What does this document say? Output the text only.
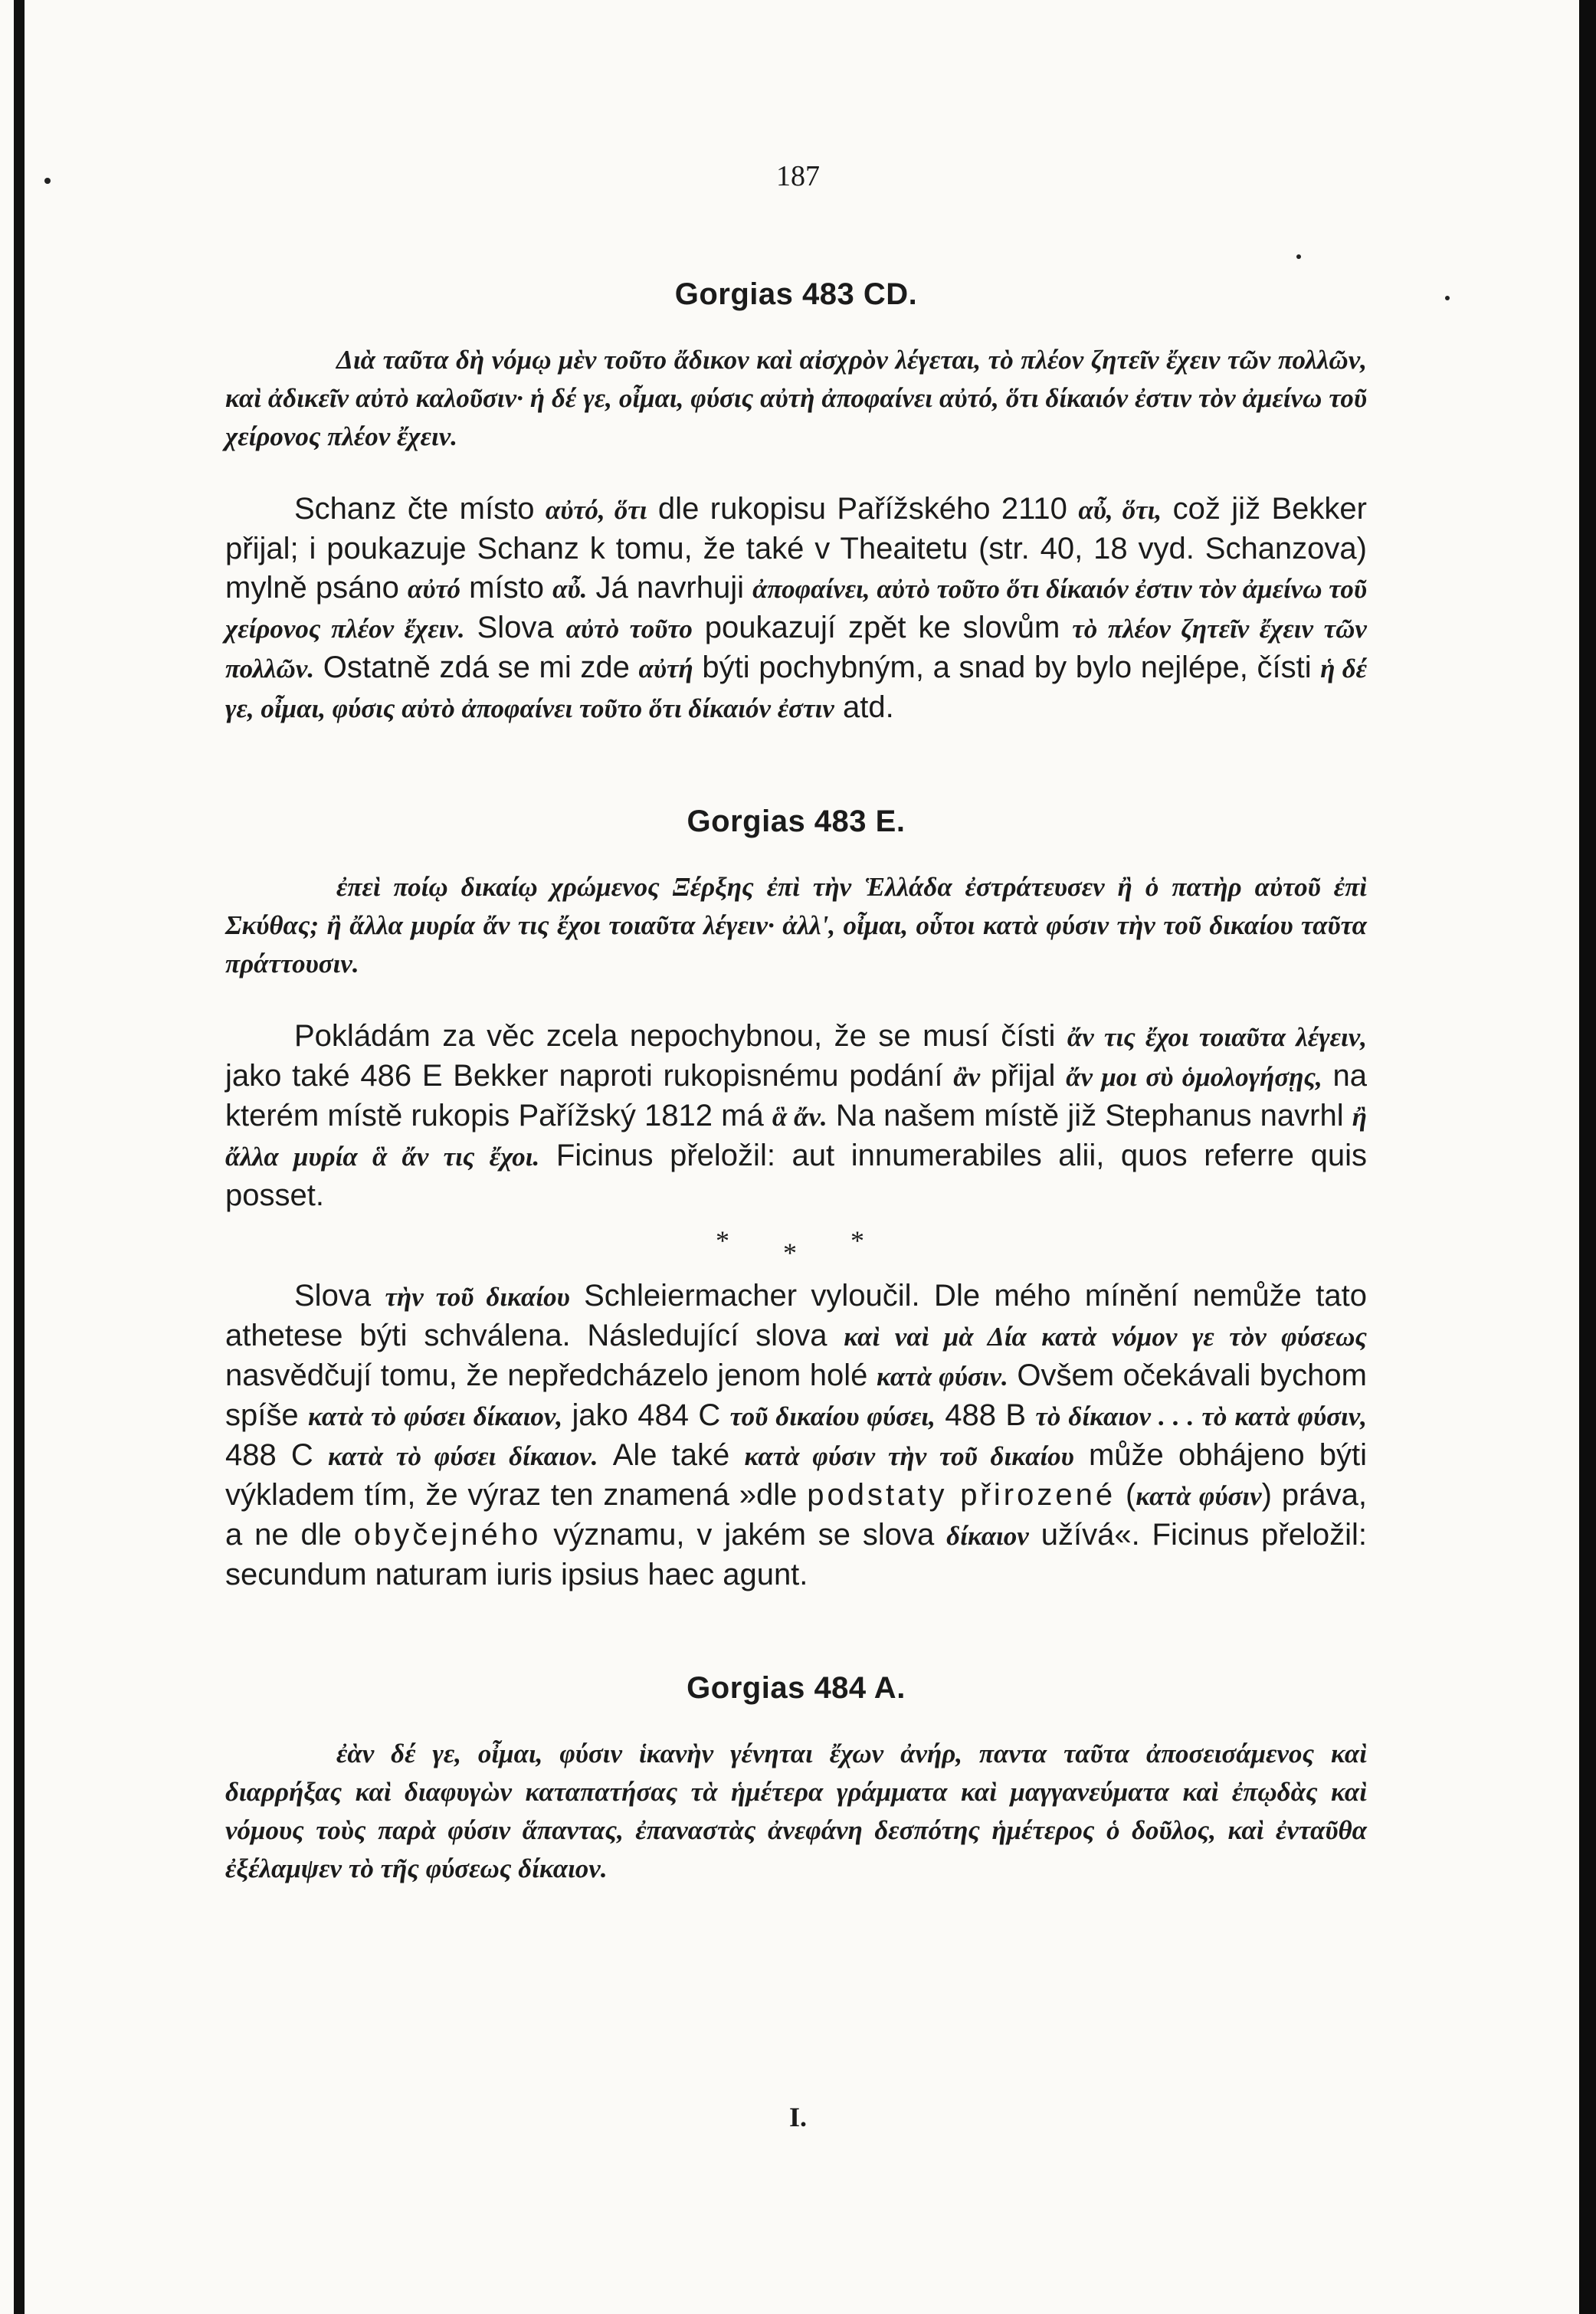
187
Gorgias 483 CD.

Διὰ ταῦτα δὴ νόμῳ μὲν τοῦτο ἄδικον καὶ αἰσχρὸν λέγεται, τὸ πλέον ζητεῖν ἔχειν τῶν πολλῶν, καὶ ἀδικεῖν αὐτὸ καλοῦσιν· ἡ δέ γε, οἶμαι, φύσις αὐτὴ ἀποφαίνει αὐτό, ὅτι δίκαιόν ἐστιν τὸν ἀμείνω τοῦ χείρονος πλέον ἔχειν.

Schanz čte místo αὐτό, ὅτι dle rukopisu Pařížského 2110 αὖ, ὅτι, což již Bekker přijal; i poukazuje Schanz k tomu, že také v Theaitetu (str. 40, 18 vyd. Schanzova) mylně psáno αὐτό místo αὖ. Já navrhuji ἀποφαίνει, αὐτὸ τοῦτο ὅτι δίκαιόν ἐστιν τὸν ἀμείνω τοῦ χείρονος πλέον ἔχειν. Slova αὐτὸ τοῦτο poukazují zpět ke slovům τὸ πλέον ζητεῖν ἔχειν τῶν πολλῶν. Ostatně zdá se mi zde αὐτή býti pochybným, a snad by bylo nejlépe, čísti ἡ δέ γε, οἶμαι, φύσις αὐτὸ ἀποφαίνει τοῦτο ὅτι δίκαιόν ἐστιν atd.

Gorgias 483 E.

ἐπεὶ ποίῳ δικαίῳ χρώμενος Ξέρξης ἐπὶ τὴν Ἑλλάδα ἐστράτευσεν ἢ ὁ πατὴρ αὐτοῦ ἐπὶ Σκύθας; ἢ ἄλλα μυρία ἄν τις ἔχοι τοιαῦτα λέγειν· ἀλλ', οἶμαι, οὗτοι κατὰ φύσιν τὴν τοῦ δικαίου ταῦτα πράττουσιν.

Pokládám za věc zcela nepochybnou, že se musí čísti ἄν τις ἔχοι τοιαῦτα λέγειν, jako také 486 E Bekker naproti rukopisnému podání ἂν přijal ἄν μοι σὺ ὁμολογήσῃς, na kterém místě rukopis Pařížský 1812 má ἃ ἄν. Na našem místě již Stephanus navrhl ἢ ἄλλα μυρία ἃ ἄν τις ἔχοι. Ficinus přeložil: aut innumerabiles alii, quos referre quis posset.

* * *

Slova τὴν τοῦ δικαίου Schleiermacher vyloučil. Dle mého mínění nemůže tato athetese býti schválena. Následující slova καὶ ναὶ μὰ Δία κατὰ νόμον γε τὸν φύσεως nasvědčují tomu, že nepředcházelo jenom holé κατὰ φύσιν. Ovšem očekávali bychom spíše κατὰ τὸ φύσει δίκαιον, jako 484 C τοῦ δικαίου φύσει, 488 B τὸ δίκαιον . . . τὸ κατὰ φύσιν, 488 C κατὰ τὸ φύσει δίκαιον. Ale také κατὰ φύσιν τὴν τοῦ δικαίου může obhájeno býti výkladem tím, že výraz ten znamená »dle podstaty přirozené (κατὰ φύσιν) práva, a ne dle obyčejného významu, v jakém se slova δίκαιον užívá«. Ficinus přeložil: secundum naturam iuris ipsius haec agunt.

Gorgias 484 A.

ἐὰν δέ γε, οἶμαι, φύσιν ἱκανὴν γένηται ἔχων ἀνήρ, παντα ταῦτα ἀποσεισάμενος καὶ διαρρήξας καὶ διαφυγὼν καταπατήσας τὰ ἡμέτερα γράμματα καὶ μαγγανεύματα καὶ ἐπῳδὰς καὶ νόμους τοὺς παρὰ φύσιν ἅπαντας, ἐπαναστὰς ἀνεφάνη δεσπότης ἡμέτερος ὁ δοῦλος, καὶ ἐνταῦθα ἐξέλαμψεν τὸ τῆς φύσεως δίκαιον.

I.
